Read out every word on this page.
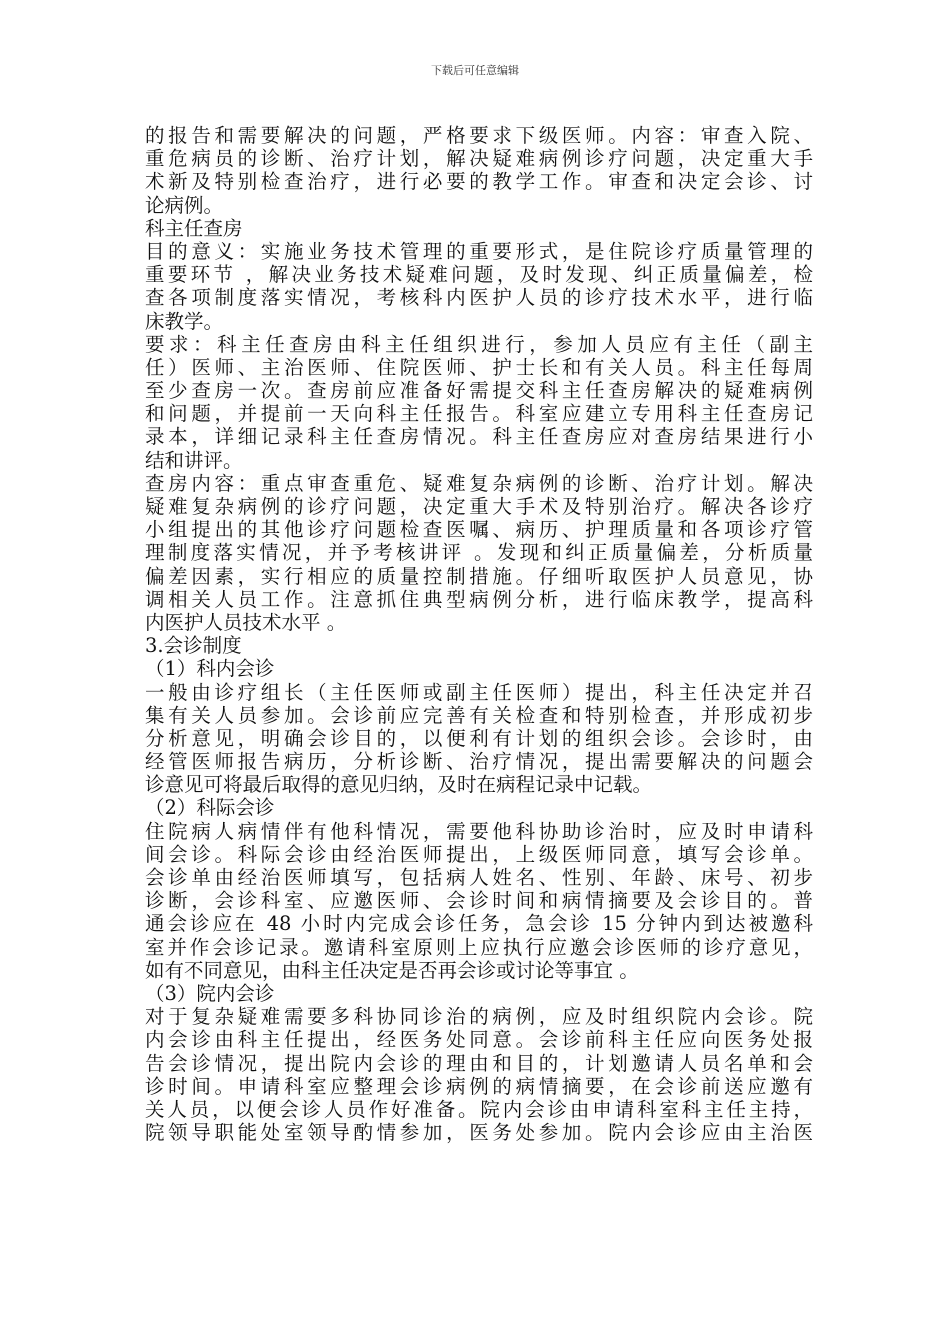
下载后可任意编辑
的报告和需要解决的问题，严格要求下级医师。内容：审查入院、
重危病员的诊断、治疗计划，解决疑难病例诊疗问题，决定重大手
术新及特别检查治疗，进行必要的教学工作。审查和决定会诊、讨
论病例。
科主任查房
目的意义：实施业务技术管理的重要形式，是住院诊疗质量管理的
重要环节 ，解决业务技术疑难问题，及时发现、纠正质量偏差，检
查各项制度落实情况，考核科内医护人员的诊疗技术水平，进行临
床教学。
要求：科主任查房由科主任组织进行，参加人员应有主任（副主
任）医师、主治医师、住院医师、护士长和有关人员。科主任每周
至少查房一次。查房前应准备好需提交科主任查房解决的疑难病例
和问题，并提前一天向科主任报告。科室应建立专用科主任查房记
录本，详细记录科主任查房情况。科主任查房应对查房结果进行小
结和讲评。
查房内容：重点审查重危、疑难复杂病例的诊断、治疗计划。解决
疑难复杂病例的诊疗问题，决定重大手术及特别治疗。解决各诊疗
小组提出的其他诊疗问题检查医嘱、病历、护理质量和各项诊疗管
理制度落实情况，并予考核讲评 。发现和纠正质量偏差，分析质量
偏差因素，实行相应的质量控制措施。仔细听取医护人员意见，协
调相关人员工作。注意抓住典型病例分析，进行临床教学，提高科
内医护人员技术水平 。
3.会诊制度
（1）科内会诊
一般由诊疗组长（主任医师或副主任医师）提出，科主任决定并召
集有关人员参加。会诊前应完善有关检查和特别检查，并形成初步
分析意见，明确会诊目的，以便利有计划的组织会诊。会诊时，由
经管医师报告病历，分析诊断、治疗情况，提出需要解决的问题会
诊意见可将最后取得的意见归纳，及时在病程记录中记载。
（2）科际会诊
住院病人病情伴有他科情况，需要他科协助诊治时，应及时申请科
间会诊。科际会诊由经治医师提出，上级医师同意，填写会诊单。
会诊单由经治医师填写，包括病人姓名、性别、年龄、床号、初步
诊断，会诊科室、应邀医师、会诊时间和病情摘要及会诊目的。普
通会诊应在 48 小时内完成会诊任务，急会诊 15 分钟内到达被邀科
室并作会诊记录。邀请科室原则上应执行应邀会诊医师的诊疗意见，
如有不同意见，由科主任决定是否再会诊或讨论等事宜 。
（3）院内会诊
对于复杂疑难需要多科协同诊治的病例，应及时组织院内会诊。院
内会诊由科主任提出，经医务处同意。会诊前科主任应向医务处报
告会诊情况，提出院内会诊的理由和目的，计划邀请人员名单和会
诊时间。申请科室应整理会诊病例的病情摘要，在会诊前送应邀有
关人员，以便会诊人员作好准备。院内会诊由申请科室科主任主持，
院领导职能处室领导酌情参加，医务处参加。院内会诊应由主治医
